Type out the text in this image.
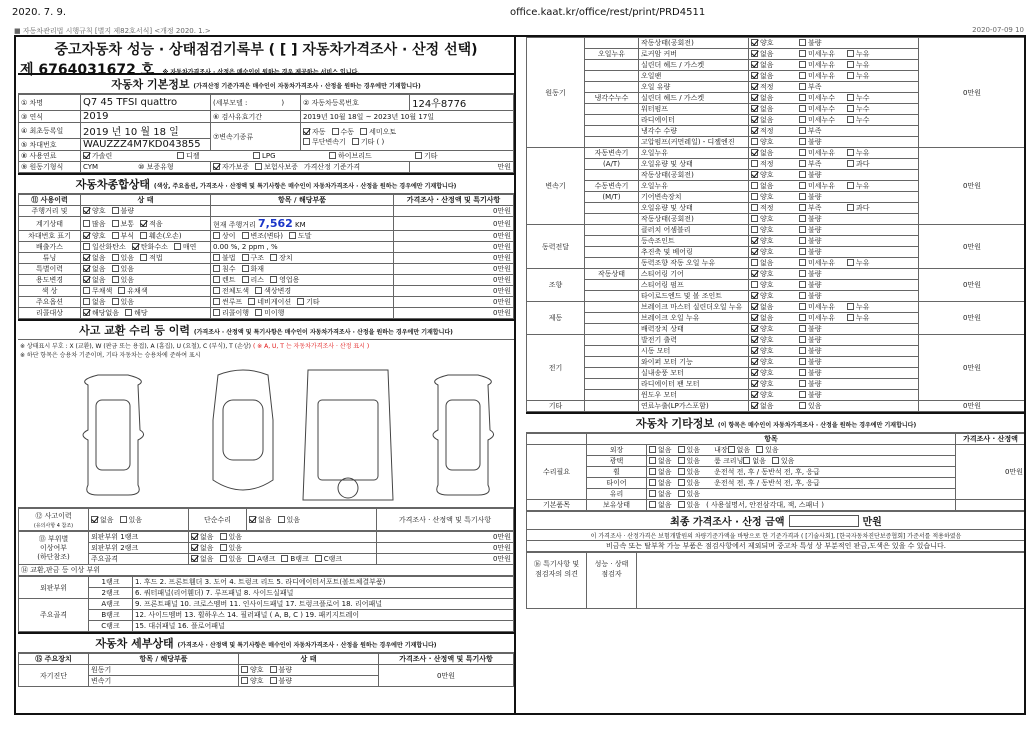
2020. 7. 9.	office.kaat.kr/office/rest/print/PRD4511
■ 자동차관리법 시행규칙 [별지 제82호서식] <개정 2020. 1.>	2020-07-09 10
중고자동차 성능 · 상태점검기록부 ( [ ] 자동차가격조사 · 산정 선택)
제 6764031672 호 ※ 자동차가격조사 · 산정은 매수인이 원하는 경우 제공하는 서비스 입니다.
자동차 기본정보 (가격산정 기준가격은 매수인이 자동차가격조사 · 산정을 원하는 경우에만 기재합니다)
① 차명	Q7 45 TFSI quattro	(세부모델 : )	② 자동차등록번호	124우8776
③ 연식	2019	⑥ 검사유효기간	2019년 10월 18일 ~ 2023년 10월 17일	
④ 최초등록일	2019 년 10 월 18 일	⑦변속기종류	자동 수동 세미오토
무단변속기 기타 ( )	
⑤ 차대번호	WAUZZZ4M7KD043855			
⑧ 사용연료	가솔린 디젤 LPG 하이브리드 기타			
⑨ 원동기형식	CYM ⑩ 보증유형	자가보증 보험사보증 가격산정 기준가격		만원
자동차종합상태 (색상, 주요옵션, 가격조사 · 산정액 및 특기사항은 매수인이 자동차가격조사 · 산정을 원하는 경우에만 기재합니다)
⑪ 사용이력	상 태	항목 / 해당부품	가격조사 · 산정액 및 특기사항
주행거리 및	양호 불량		0만원
계기상태	많음 보통 적음	현재 주행거리 7,562 KM	0만원
차대번호 표기	양호 부식 훼손(오손)	상이 변조(변타) 도말	0만원
배출가스	일산화탄소 탄화수소 매연	0.00 %, 2 ppm , %	0만원
튜닝	없음 있음 적법	불법 구조 장치	0만원
특별이력	없음 있음	침수 화재	0만원
용도변경	없음 있음	렌트 리스 영업용	0만원
색 상	무채색 유채색	전체도색 색상변경	0만원
주요옵션	없음 있음	썬루프 네비게이션 기타	0만원
리콜대상	해당없음 해당	리콜이행 미이행	0만원
사고 교환 수리 등 이력 (가격조사 · 산정액 및 특기사항은 매수인이 자동차가격조사 · 산정을 원하는 경우에만 기재합니다)
※ 상태표시 부호 : X (교환), W (판금 또는 용접), A (흠집), U (요철), C (부식), T (손상) ( ※ A, U, T 는 자동차가격조사 · 산정 표시 )
※ 하단 항목은 승용차 기준이며, 기타 자동차는 승용차에 준하여 표시
⑫ 사고이력
(유의사항 4 참조)	없음 있음	단순수리	없음 있음	가격조사 · 산정액 및 특기사항
⑬ 부위별
이상여부
(하단참조)	외판부위 1랭크	없음 있음	0만원
	외판부위 2랭크	없음 있음	0만원
	주요골격	없음 있음 A랭크 B랭크 C랭크	0만원
⑭ 교환,판금 등 이상 부위			
외판부위	1랭크	1. 후드 2. 프론트휀더 3. 도어 4. 트렁크 리드 5. 라디에이터서포트(볼트체결부품)
	2랭크	6. 쿼터패널(리어휀더) 7. 루프패널 8. 사이드실패널
주요골격	A랭크	9. 프론트패널 10. 크로스멤버 11. 인사이드패널 17. 트렁크플로어 18. 리어패널
	B랭크	12. 사이드멤버 13. 휠하우스 14. 필러패널 ( A, B, C ) 19. 패키지트레이
	C랭크	15. 대쉬패널 16. 플로어패널
자동차 세부상태 (가격조사 · 산정액 및 특기사항은 매수인이 자동차가격조사 · 산정을 원하는 경우에만 기재합니다)
⑮ 주요장치	항목 / 해당부품	상 태	가격조사 · 산정액 및 특기사항
자기진단	원동기	양호 불량	0만원
	변속기	양호 불량	
원동기		작동상태(공회전)	양호 불량	0만원
	오일누유	로커암 커버	없음 미세누유 누유	
		실린더 헤드 / 가스켓	없음 미세누유 누유	
		오일팬	없음 미세누유 누유	
		오일 유량	적정 부족	
	냉각수누수	실린더 헤드 / 가스켓	없음 미세누수 누수	
		워터펌프	없음 미세누수 누수	
		라디에이터	없음 미세누수 누수	
		냉각수 수량	적정 부족	
		고압펌프(커먼레일) - 디젤엔진	양호 불량	
변속기	자동변속기	오일누유	없음 미세누유 누유	0만원
	(A/T)	오일유량 및 상태	적정 부족 과다	
		작동상태(공회전)	양호 불량	
	수동변속기	오일누유	없음 미세누유 누유	
	(M/T)	기어변속장치	양호 불량	
		오일유량 및 상태	적정 부족 과다	
		작동상태(공회전)	양호 불량	
동력전달		클러치 어셈블리	양호 불량	0만원
		등속조인트	양호 불량	
		추진축 및 베어링	양호 불량	
		동력조향 작동 오일 누유	없음 미세누유 누유	
조향	작동상태	스티어링 기어	양호 불량	0만원
		스티어링 펌프	양호 불량	
		타이로드엔드 및 볼 조인트	양호 불량	
제동		브레이크 마스터 실린더오일 누유	없음 미세누유 누유	0만원
		브레이크 오일 누유	없음 미세누유 누유	
		배력장치 상태	양호 불량	
전기		발전기 출력	양호 불량	0만원
		시동 모터	양호 불량	
		와이퍼 모터 기능	양호 불량	
		실내송풍 모터	양호 불량	
		라디에이터 팬 모터	양호 불량	
		윈도우 모터	양호 불량	
기타		연료누출(LP가스포함)	없음 있음	0만원
자동차 기타정보 (이 항목은 매수인이 자동차가격조사 · 산정을 원하는 경우에만 기재합니다)
	항목		가격조사 · 산정액
수리필요	외장	없음 있음 내장 없음 있음	0만원
	광택	없음 있음 룸 크리닝 없음 있음	
	휠	없음 있음 운전석 전, 후 / 동반석 전, 후, 응급	
	타이어	없음 있음 운전석 전, 후 / 동반석 전, 후, 응급	
	유리	없음 있음	
기본품목	보유상태	없음 있음 ( 사용설명서, 안전삼각대, 잭, 스패너 )	
최종 가격조사 · 산정 금액	만원
이 가격조사 · 산정가격은 보험개발원의 차량기준가액을 바탕으로 한 기준가격과 ( [기술사회], [한국자동차진단보증협회] 가준서를 적용하였음
비금속 또는 탈부착 가능 부품은 점검사항에서 제외되며 중고차 특성 상 부분적인 판금,도색은 있을 수 있습니다.
⑯ 특기사항 및
점검자의 의견	성능 · 상태
점검자	
